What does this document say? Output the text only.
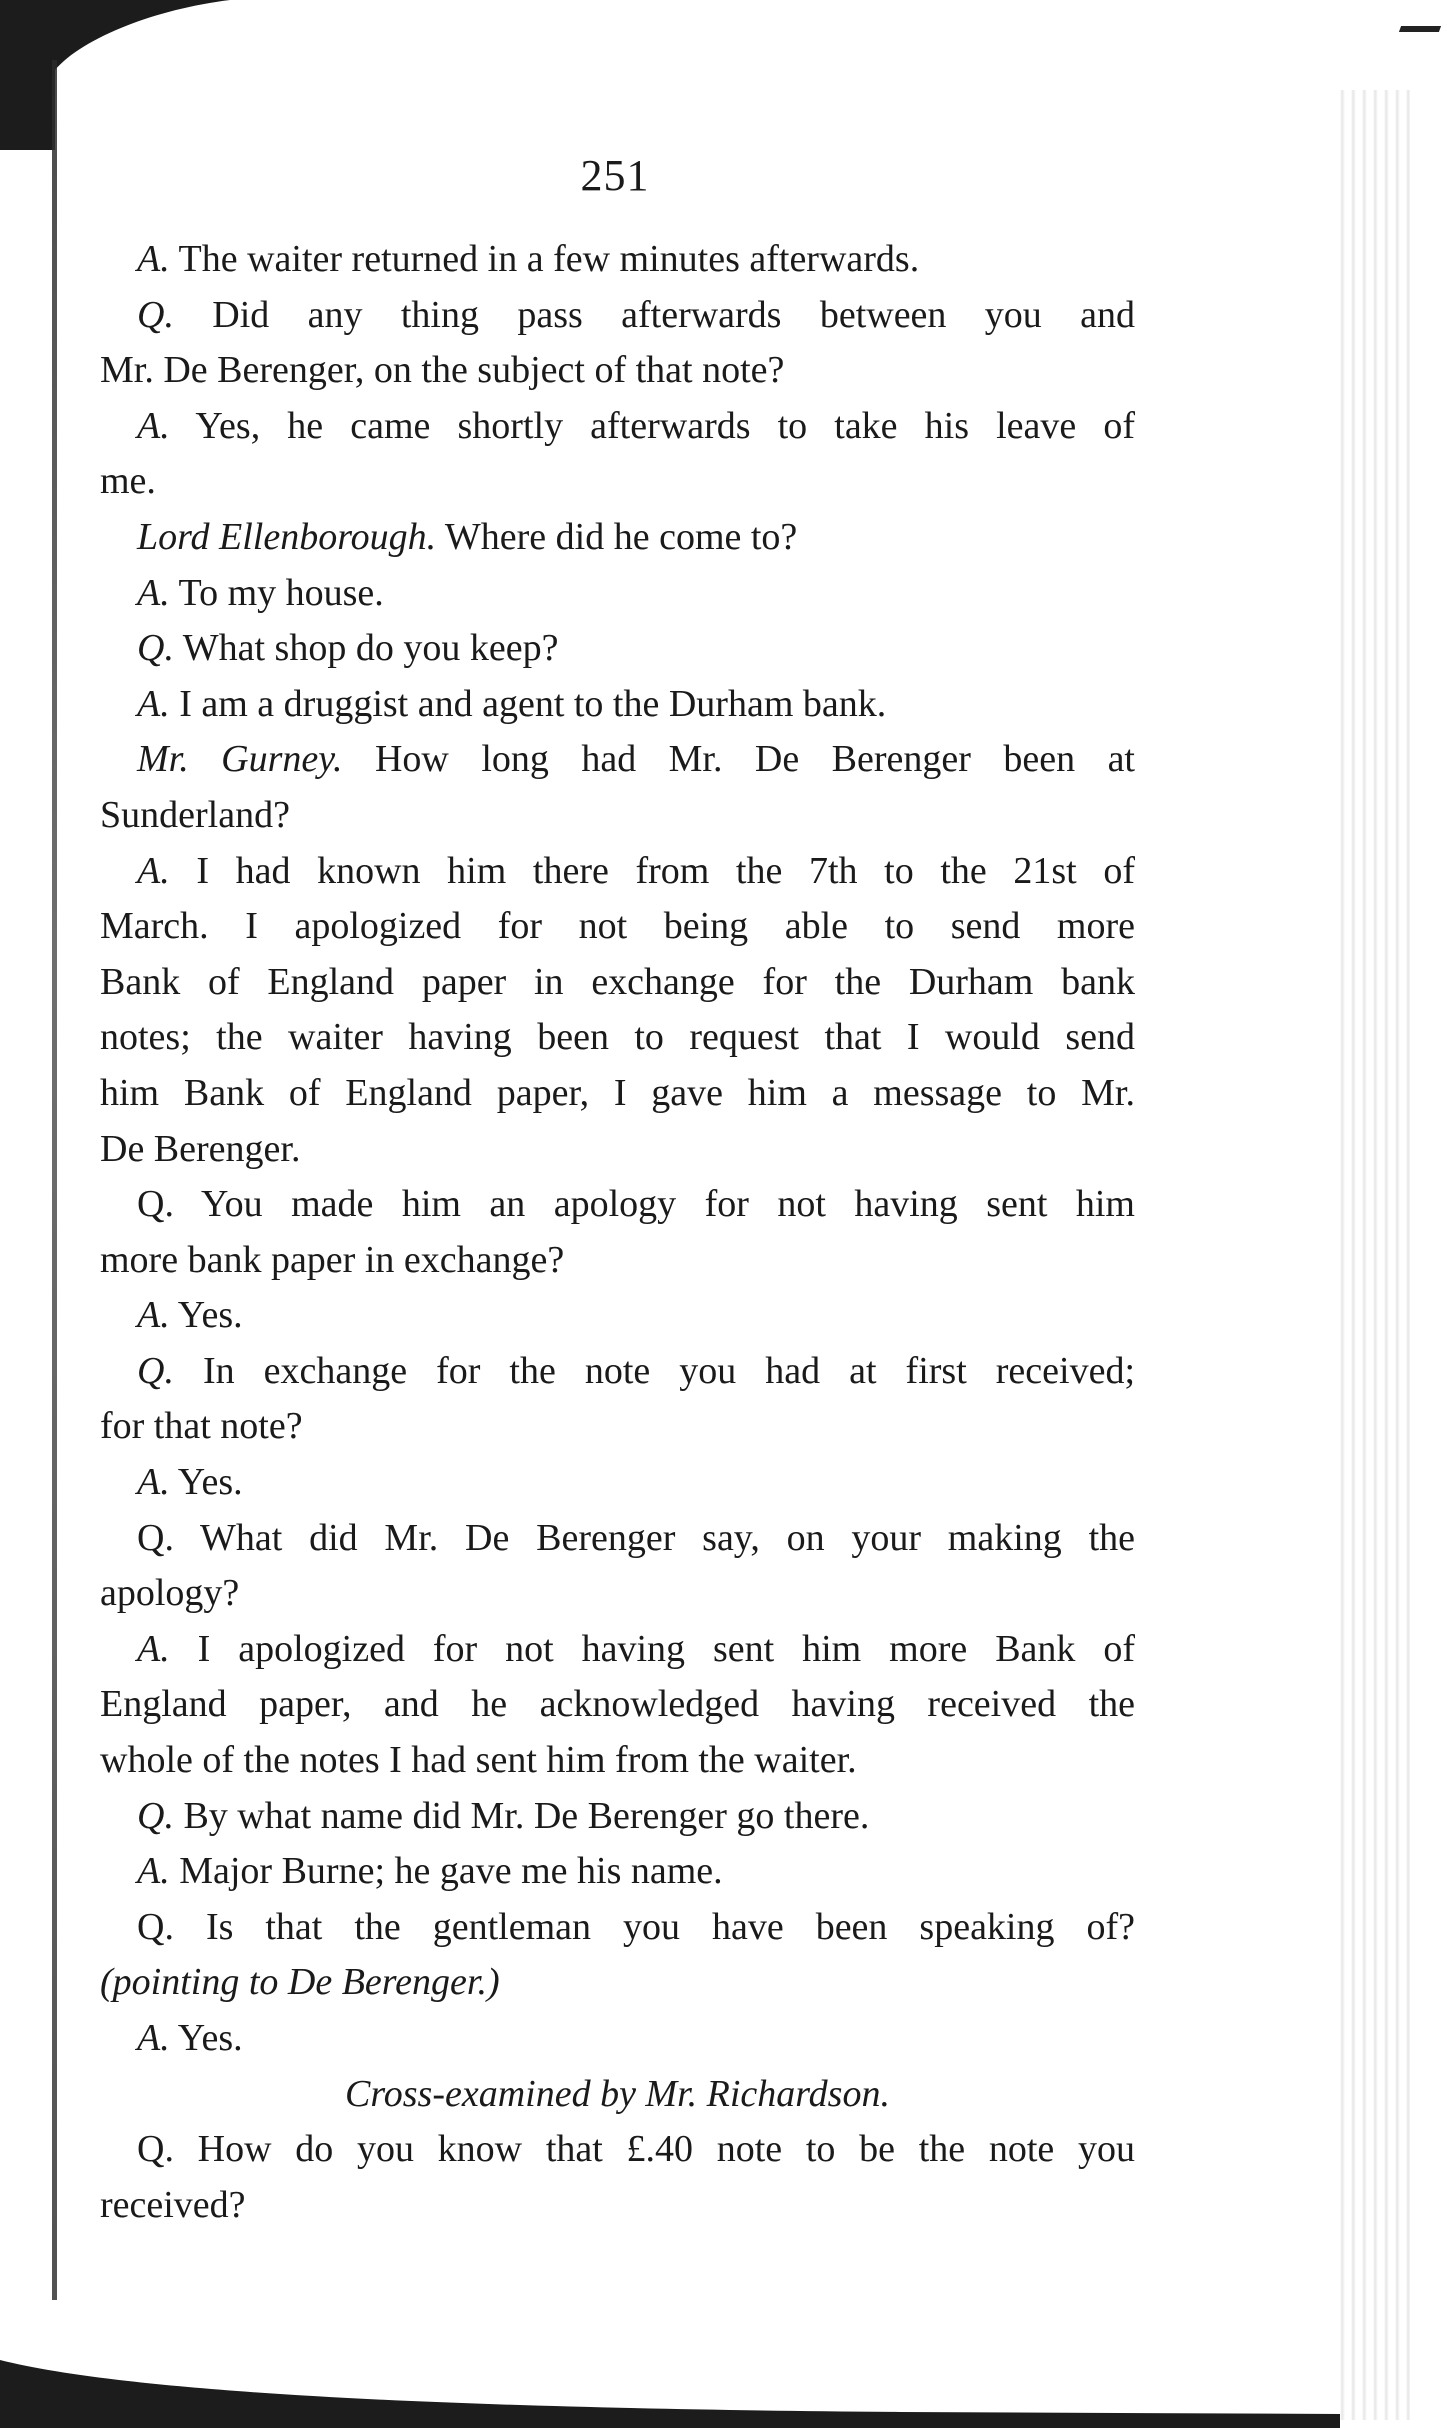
251
A. The waiter returned in a few minutes afterwards.
Q. Did any thing pass afterwards between you and
Mr. De Berenger, on the subject of that note?
A. Yes, he came shortly afterwards to take his leave of
me.
Lord Ellenborough. Where did he come to?
A. To my house.
Q. What shop do you keep?
A. I am a druggist and agent to the Durham bank.
Mr. Gurney. How long had Mr. De Berenger been at
Sunderland?
A. I had known him there from the 7th to the 21st of
March. I apologized for not being able to send more
Bank of England paper in exchange for the Durham bank
notes; the waiter having been to request that I would send
him Bank of England paper, I gave him a message to Mr.
De Berenger.
Q. You made him an apology for not having sent him
more bank paper in exchange?
A. Yes.
Q. In exchange for the note you had at first received;
for that note?
A. Yes.
Q. What did Mr. De Berenger say, on your making the
apology?
A. I apologized for not having sent him more Bank of
England paper, and he acknowledged having received the
whole of the notes I had sent him from the waiter.
Q. By what name did Mr. De Berenger go there.
A. Major Burne; he gave me his name.
Q. Is that the gentleman you have been speaking of?
(pointing to De Berenger.)
A. Yes.
Cross-examined by Mr. Richardson.
Q. How do you know that £.40 note to be the note you
received?
